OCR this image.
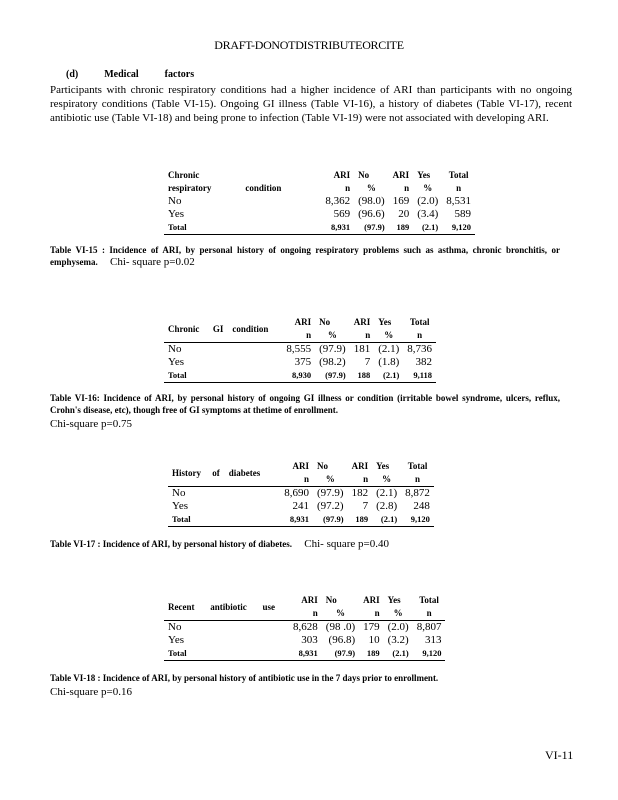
DRAFT-DONOTDISTRIBUTEORCITE
(d)	Medical	factors
Participants with chronic respiratory conditions had a higher incidence of ARI than participants with no ongoing respiratory conditions (Table VI-15). Ongoing GI illness (Table VI-16), a history of diabetes (Table VI-17), recent antibiotic use (Table VI-18) and being prone to infection (Table VI-19) were not associated with developing ARI.
Chronic		ARI	No	ARI	Yes	Total
respiratory	condition	n	%	n	%	n
No		8,362	(98.0)	169	(2.0)	8,531
Yes		569	(96.6)	20	(3.4)	589
Total		8,931	(97.9)	189	(2.1)	9,120
Table VI-15 : Incidence of ARI, by personal history of ongoing respiratory problems such as asthma, chronic bronchitis, or emphysema. Chi- square p=0.02
Chronic GI condition		ARI	No	ARI	Yes	Total
		n	%	n	%	n
No		8,555	(97.9)	181	(2.1)	8,736
Yes		375	(98.2)	7	(1.8)	382
Total		8,930	(97.9)	188	(2.1)	9,118
Table VI-16: Incidence of ARI, by personal history of ongoing GI illness or condition (irritable bowel syndrome, ulcers, reflux, Crohn's disease, etc), though free of GI symptoms at thetime of enrollment.
Chi-square p=0.75
History of diabetes		ARI	No	ARI	Yes	Total
		n	%	n	%	n
No		8,690	(97.9)	182	(2.1)	8,872
Yes		241	(97.2)	7	(2.8)	248
Total		8,931	(97.9)	189	(2.1)	9,120
Table VI-17 : Incidence of ARI, by personal history of diabetes. Chi- square p=0.40
Recent antibiotic use		ARI	No	ARI	Yes	Total
		n	%	n	%	n
No		8,628	(98 .0)	179	(2.0)	8,807
Yes		303	(96.8)	10	(3.2)	313
Total		8,931	(97.9)	189	(2.1)	9,120
Table VI-18 : Incidence of ARI, by personal history of antibiotic use in the 7 days prior to enrollment.
Chi-square p=0.16
VI-11
